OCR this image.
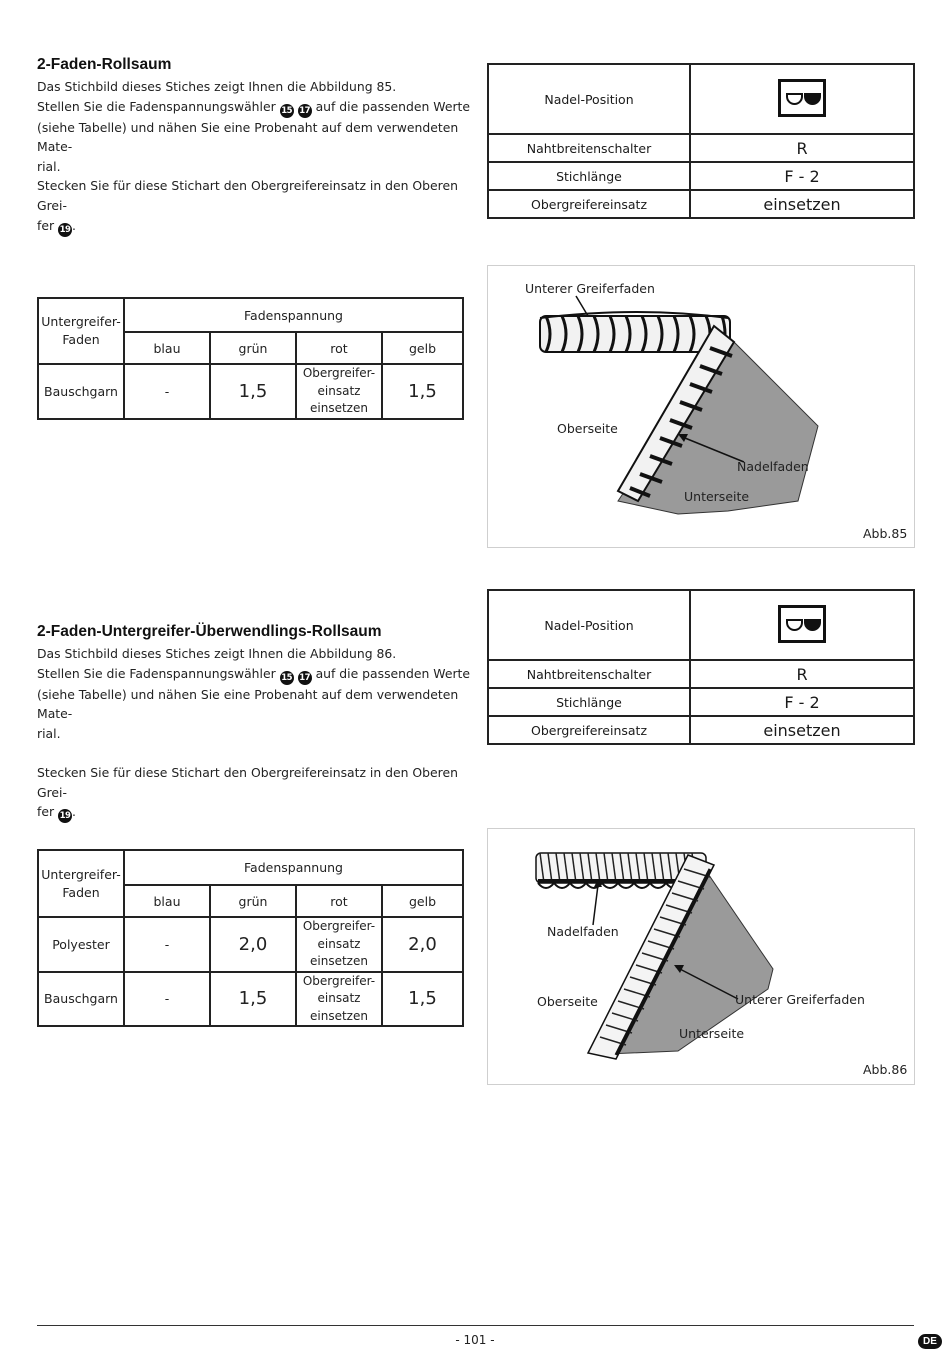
2-Faden-Rollsaum
Das Stichbild dieses Stiches zeigt Ihnen die Abbildung 85.
Stellen Sie die Fadenspannungswähler 15 17 auf die passenden Werte
(siehe Tabelle) und nähen Sie eine Probenaht auf dem verwendeten Mate-
rial.
Stecken Sie für diese Stichart den Obergreifereinsatz in den Oberen Grei-
fer 19 .
Nadel-Position	

Nahtbreitenschalter	R
Stichlänge	F - 2
Obergreifereinsatz	einsetzen
Untergreifer-
Faden	Fadenspannung			
	blau	grün	rot	gelb
Bauschgarn	-	1,5	Obergreifer-
einsatz
einsetzen	1,5
Unterer Greiferfaden
Oberseite
Nadelfaden
Unterseite
Abb.85
2-Faden-Untergreifer-Überwendlings-Rollsaum
Das Stichbild dieses Stiches zeigt Ihnen die Abbildung 86.
Stellen Sie die Fadenspannungswähler 15 17 auf die passenden Werte
(siehe Tabelle) und nähen Sie eine Probenaht auf dem verwendeten Mate-
rial.
Stecken Sie für diese Stichart den Obergreifereinsatz in den Oberen Grei-
fer 19 .
Nadel-Position	

Nahtbreitenschalter	R
Stichlänge	F - 2
Obergreifereinsatz	einsetzen
Untergreifer-
Faden	Fadenspannung			
	blau	grün	rot	gelb
Polyester	-	2,0	Obergreifer-
einsatz
einsetzen	2,0
Bauschgarn	-	1,5	Obergreifer-
einsatz
einsetzen	1,5
Nadelfaden
Oberseite	Unterer Greiferfaden
Unterseite
Abb.86
- 101 -	DE
